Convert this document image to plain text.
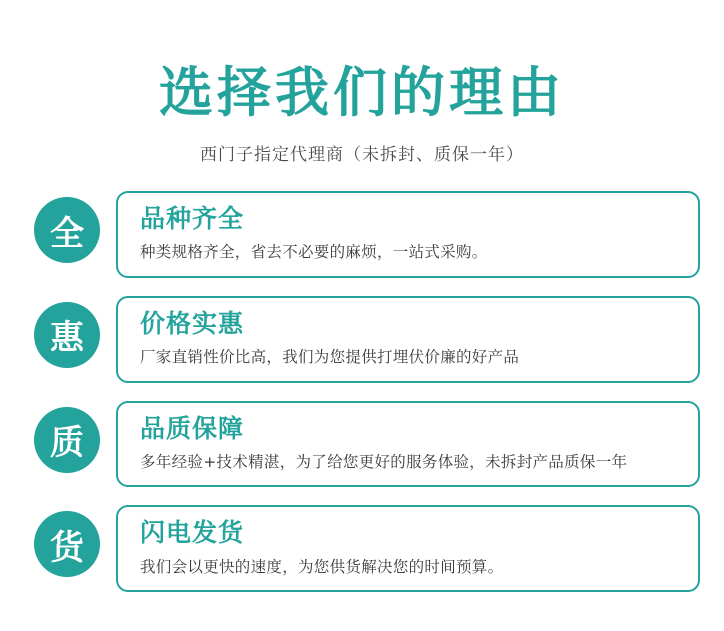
选择我们的理由
西门子指定代理商（未拆封、质保一年）
全	品种齐全
种类规格齐全，省去不必要的麻烦，一站式采购。
惠	价格实惠
厂家直销性价比高，我们为您提供打埋伏价廉的好产品
质	品质保障
多年经验+技术精湛，为了给您更好的服务体验，未拆封产品质保一年
货	闪电发货
我们会以更快的速度，为您供货解决您的时间预算。
